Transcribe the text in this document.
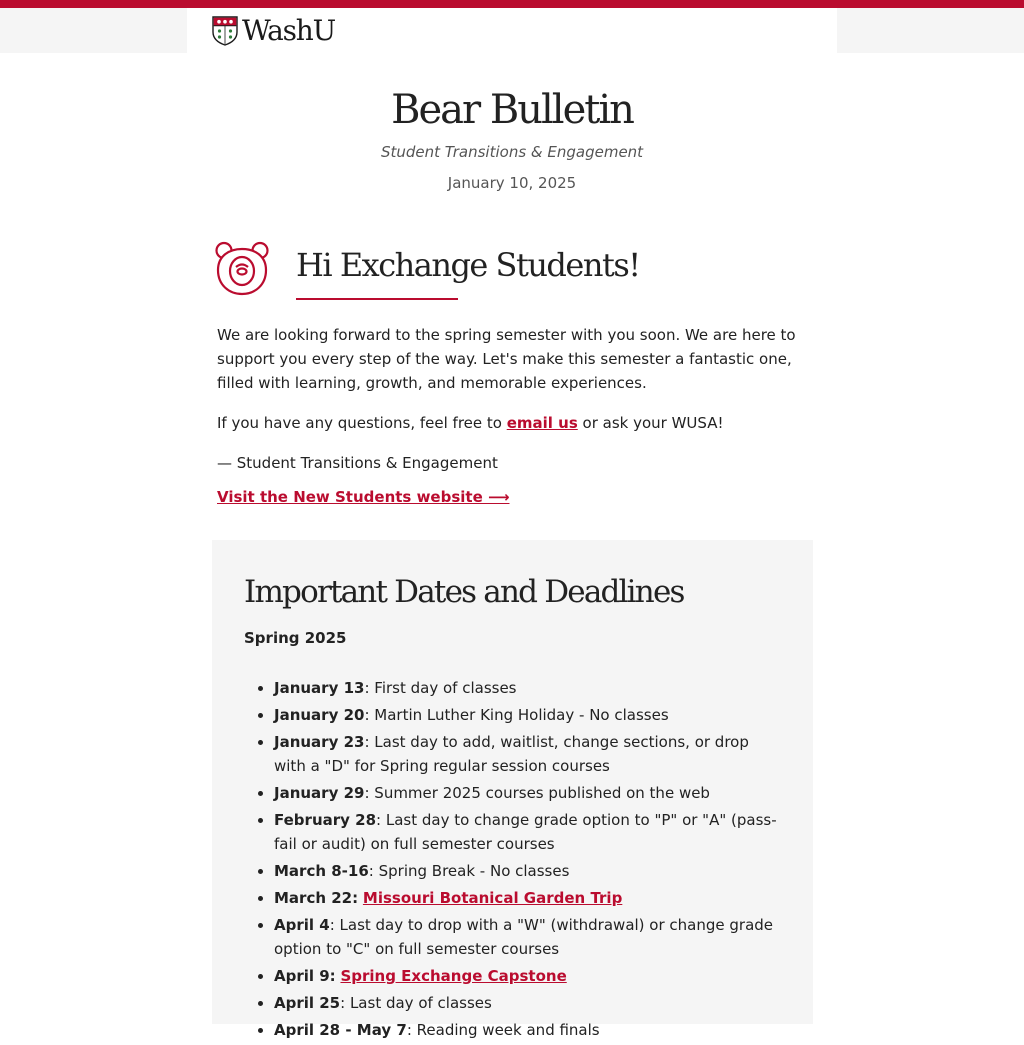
WashU
Bear Bulletin
Student Transitions & Engagement
January 10, 2025
Hi Exchange Students!

We are looking forward to the spring semester with you soon. We are here to support you every step of the way. Let's make this semester a fantastic one, filled with learning, growth, and memorable experiences.

If you have any questions, feel free to email us or ask your WUSA!

— Student Transitions & Engagement

Visit the New Students website ⟶
Important Dates and Deadlines
Spring 2025
• January 13: First day of classes
• January 20: Martin Luther King Holiday - No classes
• January 23: Last day to add, waitlist, change sections, or drop with a "D" for Spring regular session courses
• January 29: Summer 2025 courses published on the web
• February 28: Last day to change grade option to "P" or "A" (pass-fail or audit) on full semester courses
• March 8-16: Spring Break - No classes
• March 22: Missouri Botanical Garden Trip
• April 4: Last day to drop with a "W" (withdrawal) or change grade option to "C" on full semester courses
• April 9: Spring Exchange Capstone
• April 25: Last day of classes
• April 28 - May 7: Reading week and finals
